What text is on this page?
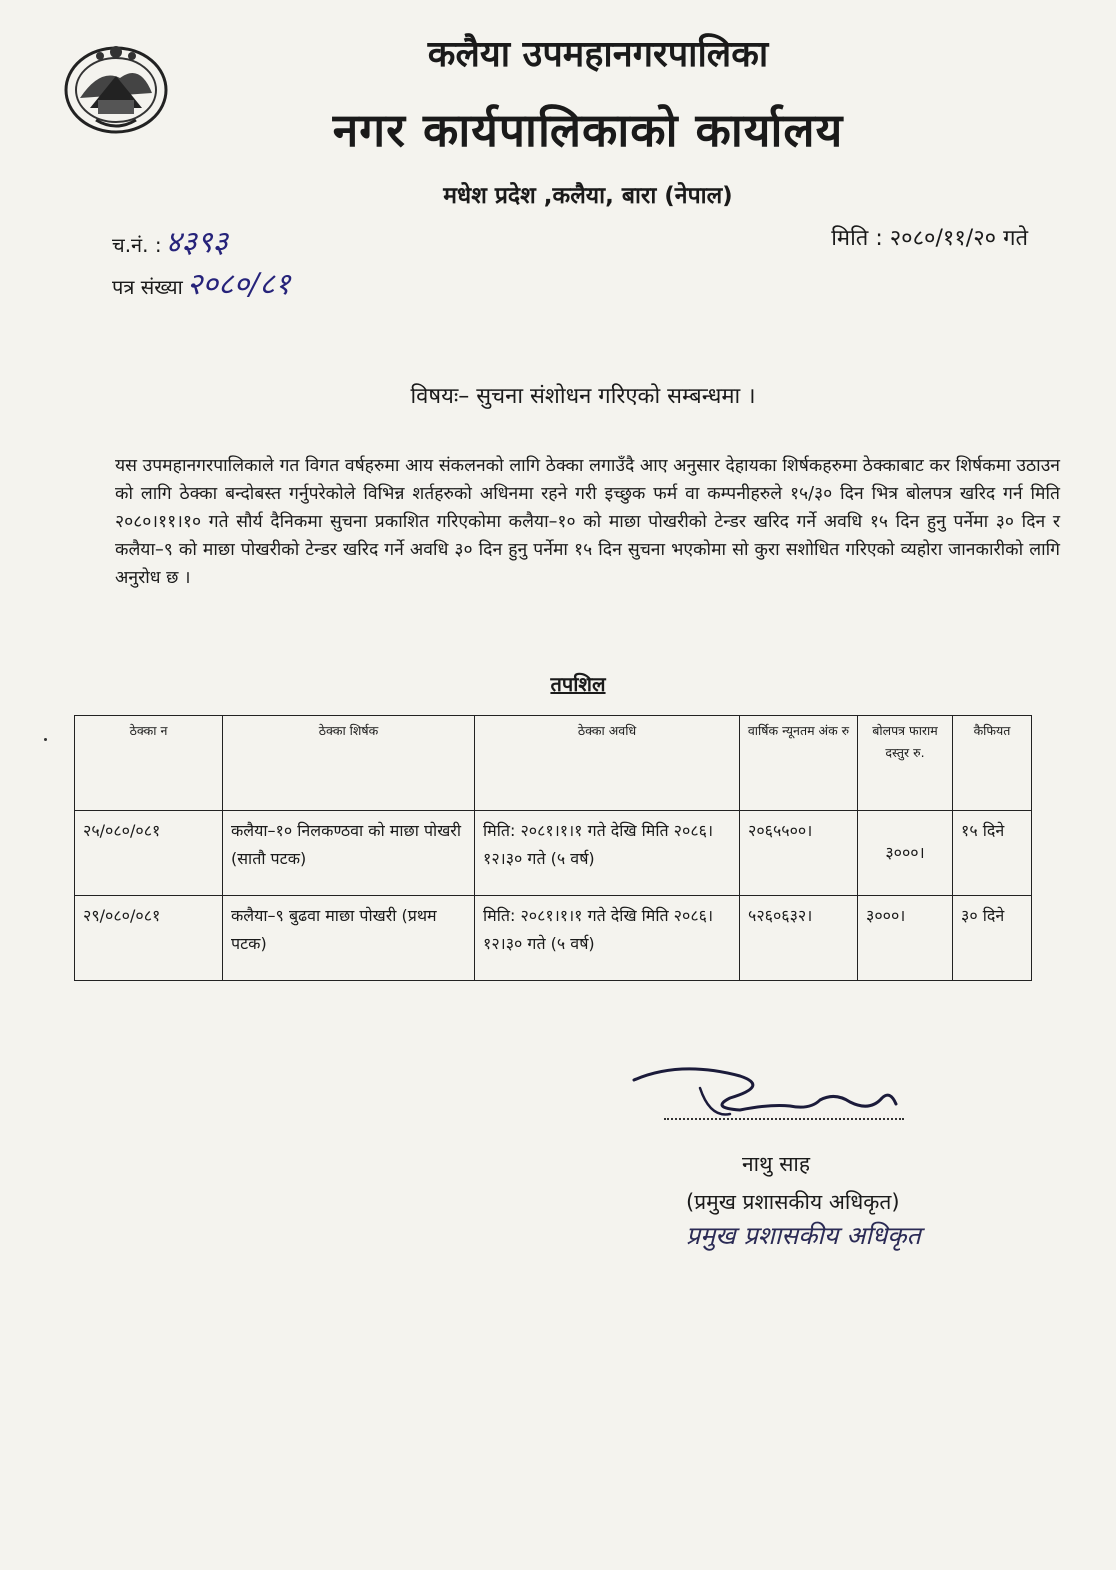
कलैया उपमहानगरपालिका
नगर कार्यपालिकाको कार्यालय
मधेश प्रदेश ,कलैया, बारा (नेपाल)
च.नं. : ४३९३
पत्र संख्या २०८०/८१
मिति : २०८०/११/२० गते
विषयः– सुचना संशोधन गरिएको सम्बन्धमा ।
यस उपमहानगरपालिकाले गत विगत वर्षहरुमा आय संकलनको लागि ठेक्का लगाउँदै आए अनुसार देहायका शिर्षकहरुमा ठेक्काबाट कर शिर्षकमा उठाउन को लागि ठेक्का बन्दोबस्त गर्नुपरेकोले विभिन्न शर्तहरुको अधिनमा रहने गरी इच्छुक फर्म वा कम्पनीहरुले १५/३० दिन भित्र बोलपत्र खरिद गर्न मिति २०८०।११।१० गते सौर्य दैनिकमा सुचना प्रकाशित गरिएकोमा कलैया–१० को माछा पोखरीको टेन्डर खरिद गर्ने अवधि १५ दिन हुनु पर्नेमा ३० दिन र कलैया–९ को माछा पोखरीको टेन्डर खरिद गर्ने अवधि ३० दिन हुनु पर्नेमा १५ दिन सुचना भएकोमा सो कुरा सशोधित गरिएको व्यहोरा जानकारीको लागि अनुरोध छ ।
तपशिल
ठेक्का न	ठेक्का शिर्षक	ठेक्का अवधि	वार्षिक न्यूनतम अंक रु	बोलपत्र फाराम दस्तुर रु.	कैफियत
२५/०८०/०८१	कलैया–१० निलकण्ठवा को माछा पोखरी (सातौ पटक)	मिति: २०८१।१।१ गते देखि मिति २०८६।१२।३० गते (५ वर्ष)	२०६५५००।	३०००।	१५ दिने
२९/०८०/०८१	कलैया–९ बुढवा माछा पोखरी (प्रथम पटक)	मिति: २०८१।१।१ गते देखि मिति २०८६।१२।३० गते (५ वर्ष)	५२६०६३२।	३०००।	३० दिने
नाथु साह
(प्रमुख प्रशासकीय अधिकृत)
प्रमुख प्रशासकीय अधिकृत
